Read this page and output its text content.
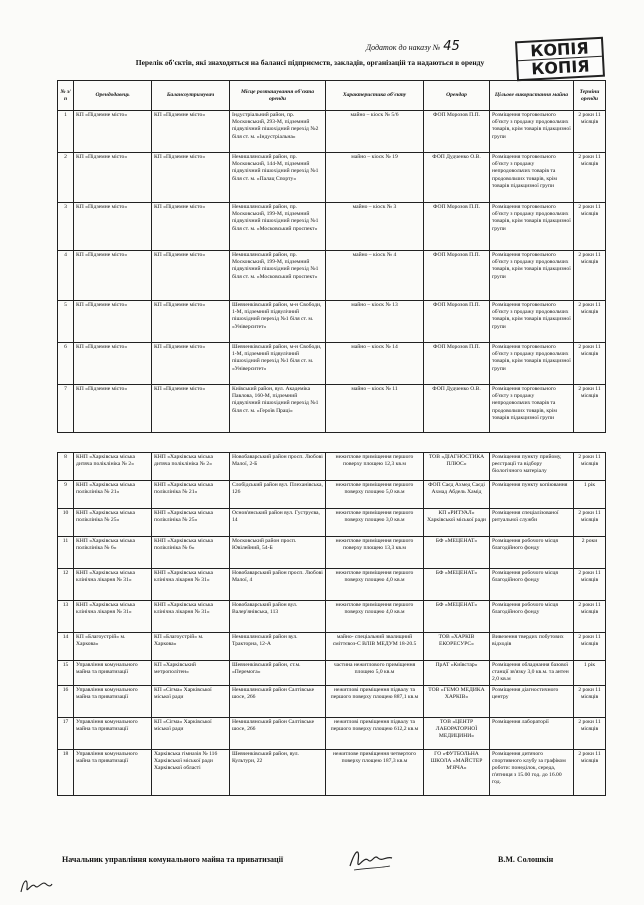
Додаток до наказу № 45	КОПІЯ
КОПІЯ
Перелік об'єктів, які знаходяться на балансі підприємств, закладів, організацій та надаються в оренду
№ з/п	Орендодавець	Балансоутримувач	Місце розташування об'єкта оренди	Характеристика об'єкту	Орендар	Цільове використання майна	Терміни оренди
1	КП «Підземне місто»	КП «Підземне місто»	Індустріальний район, пр. Московський, 293-М, підземний підвулічний пішохідний перехід №2 біля ст. м. «Індустріальна»	майно – кіоск № 5/6	ФОП Морозов П.П.	Розміщення торговельного об'єкту з продажу продовольчих товарів, крім товарів підакцизної групи	2 роки 11 місяців
2	КП «Підземне місто»	КП «Підземне місто»	Немишлянський район, пр. Московський, 144-М, підземний підвулічний пішохідний перехід №1 біля ст. м. «Палац Спорту»	майно – кіоск № 19	ФОП Дудченко О.В.	Розміщення торговельного об'єкту з продажу непродовольчих товарів та продовольчих товарів, крім товарів підакцизної групи	2 роки 11 місяців
3	КП «Підземне місто»	КП «Підземне місто»	Немишлянський район, пр. Московський, 199-М, підземний підвулічний пішохідний перехід №1 біля ст. м. «Московський проспект»	майно – кіоск № 3	ФОП Морозов П.П.	Розміщення торговельного об'єкту з продажу продовольчих товарів, крім товарів підакцизної групи	2 роки 11 місяців
4	КП «Підземне місто»	КП «Підземне місто»	Немишлянський район, пр. Московський, 199-М, підземний підвулічний пішохідний перехід №1 біля ст. м. «Московський проспект»	майно – кіоск № 4	ФОП Морозов П.П.	Розміщення торговельного об'єкту з продажу продовольчих товарів, крім товарів підакцизної групи	2 роки 11 місяців
5	КП «Підземне місто»	КП «Підземне місто»	Шевченківський район, м-н Свободи, 1-М, підземний підвулічний пішохідний перехід №1 біля ст. м. «Університет»	майно – кіоск № 13	ФОП Морозов П.П.	Розміщення торговельного об'єкту з продажу продовольчих товарів, крім товарів підакцизної групи	2 роки 11 місяців
6	КП «Підземне місто»	КП «Підземне місто»	Шевченківський район, м-н Свободи, 1-М, підземний підвулічний пішохідний перехід №1 біля ст. м. «Університет»	майно – кіоск № 14	ФОП Морозов П.П.	Розміщення торговельного об'єкту з продажу продовольчих товарів, крім товарів підакцизної групи	2 роки 11 місяців
7	КП «Підземне місто»	КП «Підземне місто»	Київський район, вул. Академіка Павлова, 160-М, підземний підвулічний пішохідний перехід №1 біля ст. м. «Героїв Праці»	майно – кіоск № 11	ФОП Дудченко О.В.	Розміщення торговельного об'єкту з продажу непродовольчих товарів та продовольчих товарів, крім товарів підакцизної групи	2 роки 11 місяців
8	КНП «Харківська міська дитяча поліклініка № 2»	КНП «Харківська міська дитяча поліклініка № 2»	Новобаварський район просп. Любові Малої, 2-Б	нежитлове приміщення першого поверху площею 12,3 кв.м	ТОВ «ДІАГНОСТИКА ПЛЮС»	Розміщення пункту прийому, реєстрації та відбору біологічного матеріалу	2 роки 11 місяців
9	КНП «Харківська міська поліклініка № 21»	КНП «Харківська міська поліклініка № 21»	Слобідський район вул. Плеханівська, 126	нежитлове приміщення першого поверху площею 5,0 кв.м	ФОП Саєд Ахмед Саєді Ахмад Абдель Хамід	Розміщення пункту копіювання	1 рік
10	КНП «Харківська міська поліклініка № 25»	КНП «Харківська міська поліклініка № 25»	Основ'янський район вул. Густруєва, 14	нежитлове приміщення першого поверху площею 3,0 кв.м	КП «РИТУАЛ» Харківської міської ради	Розміщення спеціалізованої ритуальної служби	2 роки 11 місяців
11	КНП «Харківська міська поліклініка № 6»	КНП «Харківська міська поліклініка № 6»	Московський район просп. Ювілейний, 54-Б	нежитлове приміщення першого поверху площею 13,3 кв.м	БФ «МЕЦЕНАТ»	Розміщення робочого місця благодійного фонду	2 роки
12	КНП «Харківська міська клінічна лікарня № 31»	КНП «Харківська міська клінічна лікарня № 31»	Новобаварський район просп. Любові Малої, 4	нежитлове приміщення першого поверху площею 4,0 кв.м	БФ «МЕЦЕНАТ»	Розміщення робочого місця благодійного фонду	2 роки 11 місяців
13	КНП «Харківська міська клінічна лікарня № 31»	КНП «Харківська міська клінічна лікарня № 31»	Новобаварський район вул. Валер'янівська, 113	нежитлове приміщення першого поверху площею 4,0 кв.м	БФ «МЕЦЕНАТ»	Розміщення робочого місця благодійного фонду	2 роки 11 місяців
14	КП «Благоустрій» м. Харкова»	КП «Благоустрій» м. Харкова»	Немишлянський район вул. Тракторна, 12-А	майно- спеціальний звалищний сміттєвоз-С ВЛІВ МЕДУМ 18-20.5	ТОВ «ХАРКІВ ЕКОРЕСУРС»	Вивезення твердих побутових відходів	2 роки 11 місяців
15	Управління комунального майна та приватизації	КП «Харківський метрополітен»	Шевченківський район, ст.м. «Перемога»	частина нежитлового приміщення площею 5,0 кв.м	ПрАТ «Київстар»	Розміщення обладнання базової станції зв'язку 3,0 кв.м. та антен 2,0 кв.м	1 рік
16	Управління комунального майна та приватизації	КП «Сігма» Харківської міської ради	Немишлянський район Салтівське шосе, 266	нежитлові приміщення підвалу та першого поверху площею 887,1 кв.м	ТОВ «ГЕМО МЕДИКА ХАРКІВ»	Розміщення діагностичного центру	2 роки 11 місяців
17	Управління комунального майна та приватизації	КП «Сігма» Харківської міської ради	Немишлянський район Салтівське шосе, 266	нежитлові приміщення підвалу та першого поверху площею 612,2 кв.м	ТОВ «ЦЕНТР ЛАБОРАТОРНОЇ МЕДИЦИНИ»	Розміщення лабораторії	2 роки 11 місяців
18	Управління комунального майна та приватизації	Харківська гімназія № 116 Харківської міської ради Харківської області	Шевченківський район, вул. Культури, 22	нежитлове приміщення четвертого поверху площею 187,3 кв.м	ГО «ФУТБОЛЬНА ШКОЛА «МАЙСТЕР М'ЯЧА»	Розміщення дитячого спортивного клубу за графіком роботи: понеділок, середа, п'ятниця з 15.00 год. до 16.00 год.	2 роки 11 місяців
Начальник управління комунального майна та приватизації	В.М. Солошкін
